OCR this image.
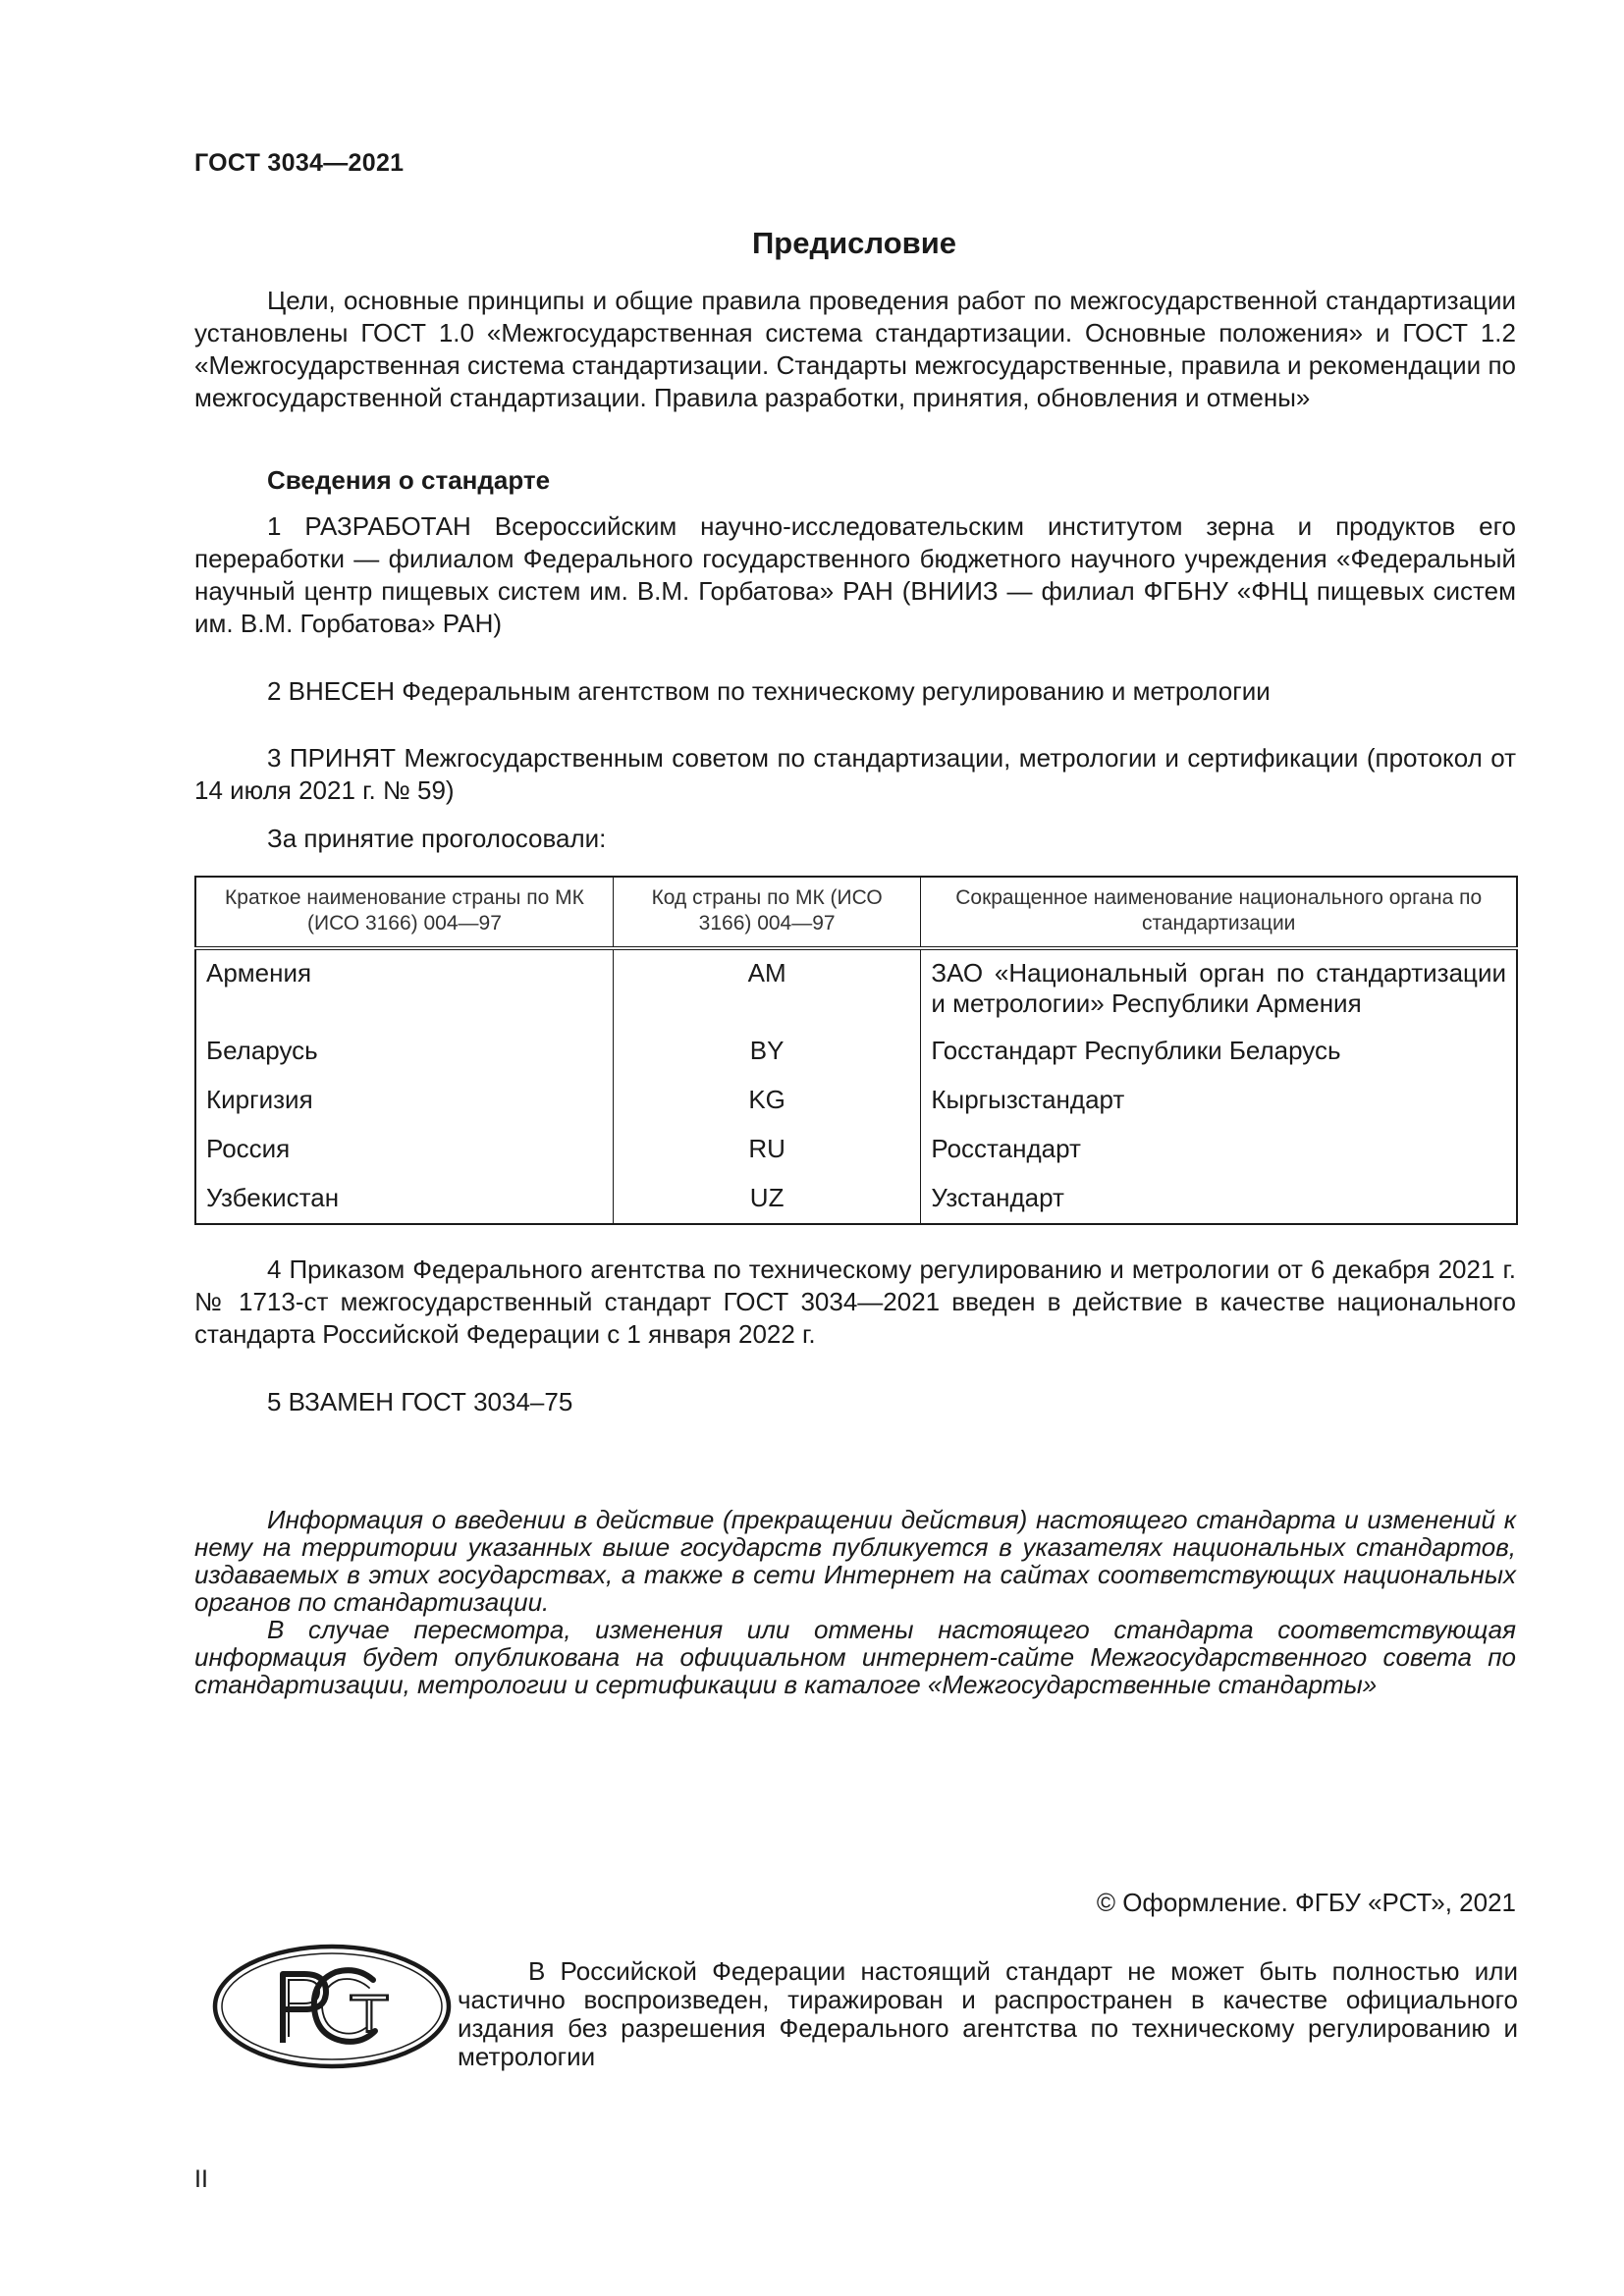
ГОСТ 3034—2021
Предисловие
Цели, основные принципы и общие правила проведения работ по межгосударственной стандартизации установлены ГОСТ 1.0 «Межгосударственная система стандартизации. Основные положения» и ГОСТ 1.2 «Межгосударственная система стандартизации. Стандарты межгосударственные, правила и рекомендации по межгосударственной стандартизации. Правила разработки, принятия, обновления и отмены»
Сведения о стандарте
1 РАЗРАБОТАН Всероссийским научно-исследовательским институтом зерна и продуктов его переработки — филиалом Федерального государственного бюджетного научного учреждения «Федеральный научный центр пищевых систем им. В.М. Горбатова» РАН (ВНИИЗ — филиал ФГБНУ «ФНЦ пищевых систем им. В.М. Горбатова» РАН)
2 ВНЕСЕН Федеральным агентством по техническому регулированию и метрологии
3 ПРИНЯТ Межгосударственным советом по стандартизации, метрологии и сертификации (протокол от 14 июля 2021 г. № 59)
За принятие проголосовали:
Краткое наименование страны по МК (ИСО 3166) 004—97	Код страны по МК (ИСО 3166) 004—97	Сокращенное наименование национального органа по стандартизации
Армения	AM	ЗАО «Национальный орган по стандартизации и метрологии» Республики Армения
Беларусь	BY	Госстандарт Республики Беларусь
Киргизия	KG	Кыргызстандарт
Россия	RU	Росстандарт
Узбекистан	UZ	Узстандарт
4 Приказом Федерального агентства по техническому регулированию и метрологии от 6 декабря 2021 г. № 1713-ст межгосударственный стандарт ГОСТ 3034—2021 введен в действие в качестве национального стандарта Российской Федерации с 1 января 2022 г.
5 ВЗАМЕН ГОСТ 3034–75

Информация о введении в действие (прекращении действия) настоящего стандарта и изменений к нему на территории указанных выше государств публикуется в указателях национальных стандартов, издаваемых в этих государствах, а также в сети Интернет на сайтах соответствующих национальных органов по стандартизации.

В случае пересмотра, изменения или отмены настоящего стандарта соответствующая информация будет опубликована на официальном интернет-сайте Межгосударственного совета по стандартизации, метрологии и сертификации в каталоге «Межгосударственные стандарты»

© Оформление. ФГБУ «РСТ», 2021
В Российской Федерации настоящий стандарт не может быть полностью или частично воспроизведен, тиражирован и распространен в качестве официального издания без разрешения Федерального агентства по техническому регулированию и метрологии
II
